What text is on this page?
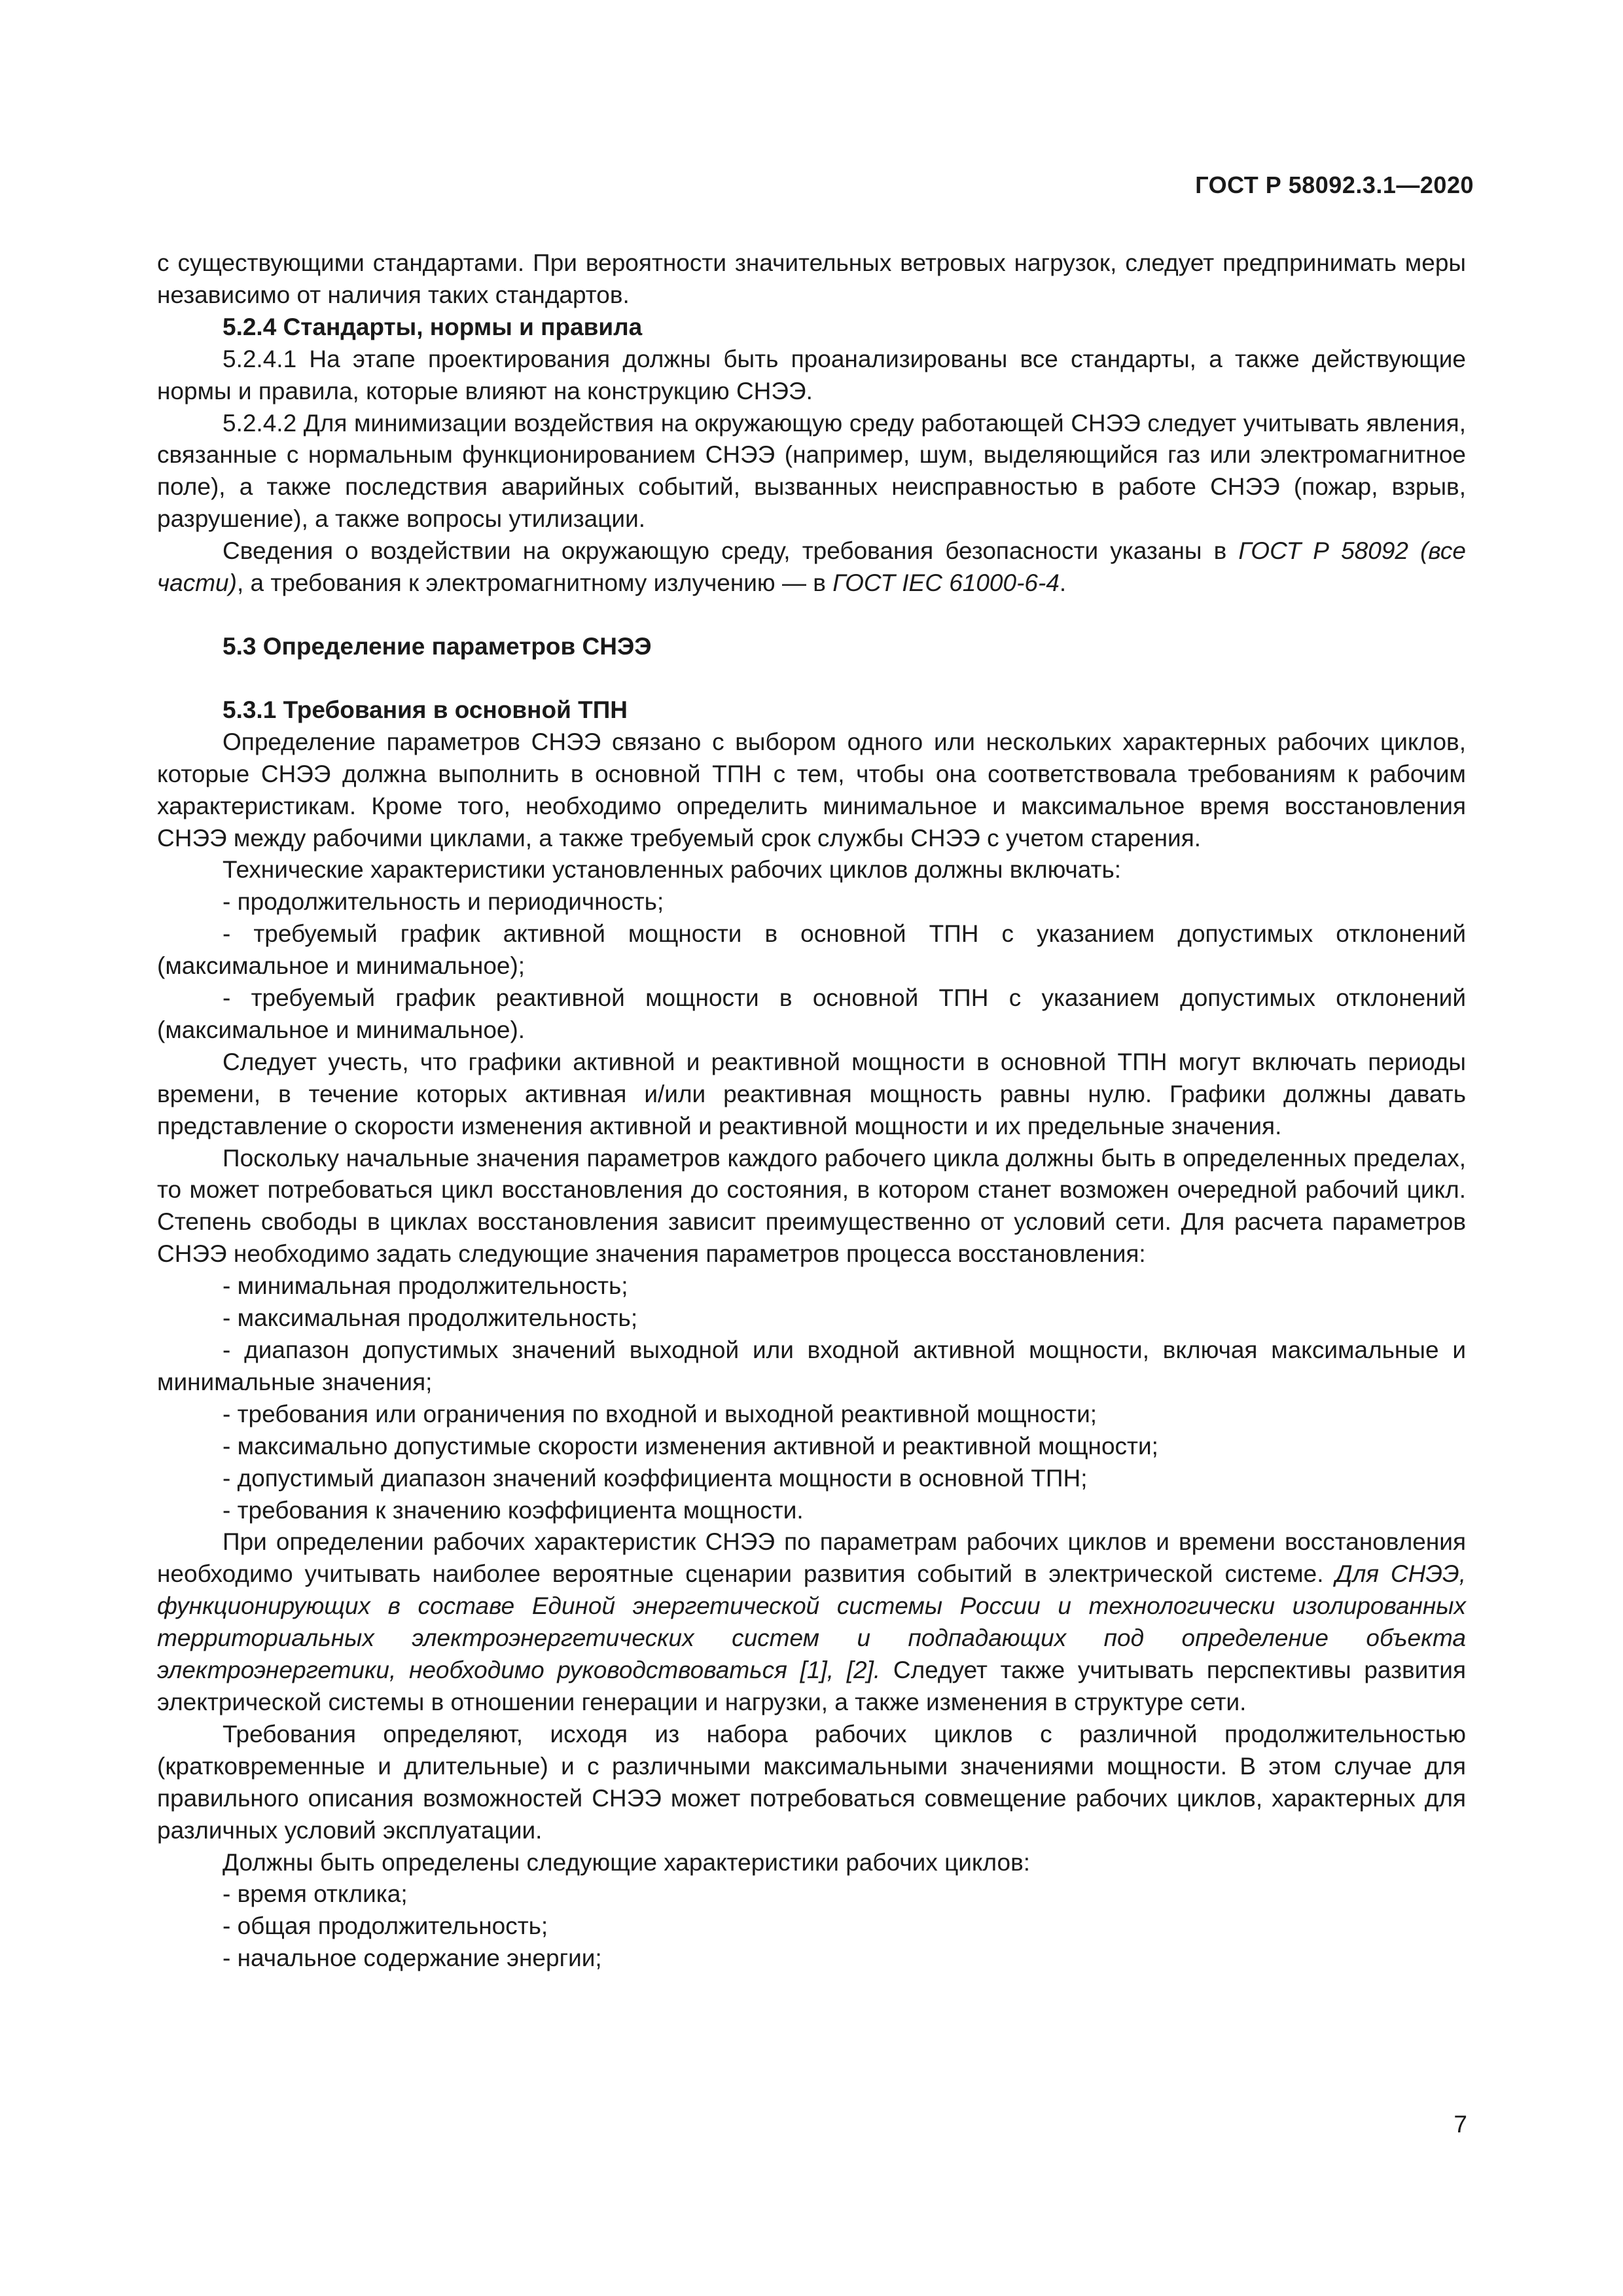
ГОСТ Р 58092.3.1—2020

с существующими стандартами. При вероятности значительных ветровых нагрузок, следует предпринимать меры независимо от наличия таких стандартов.

5.2.4 Стандарты, нормы и правила

5.2.4.1 На этапе проектирования должны быть проанализированы все стандарты, а также действующие нормы и правила, которые влияют на конструкцию СНЭЭ.

5.2.4.2 Для минимизации воздействия на окружающую среду работающей СНЭЭ следует учитывать явления, связанные с нормальным функционированием СНЭЭ (например, шум, выделяющийся газ или электромагнитное поле), а также последствия аварийных событий, вызванных неисправностью в работе СНЭЭ (пожар, взрыв, разрушение), а также вопросы утилизации.

Сведения о воздействии на окружающую среду, требования безопасности указаны в ГОСТ Р 58092 (все части), а требования к электромагнитному излучению — в ГОСТ IEC 61000-6-4.

5.3 Определение параметров СНЭЭ

5.3.1 Требования в основной ТПН

Определение параметров СНЭЭ связано с выбором одного или нескольких характерных рабочих циклов, которые СНЭЭ должна выполнить в основной ТПН с тем, чтобы она соответствовала требованиям к рабочим характеристикам. Кроме того, необходимо определить минимальное и максимальное время восстановления СНЭЭ между рабочими циклами, а также требуемый срок службы СНЭЭ с учетом старения.

Технические характеристики установленных рабочих циклов должны включать:

- продолжительность и периодичность;

- требуемый график активной мощности в основной ТПН с указанием допустимых отклонений (максимальное и минимальное);

- требуемый график реактивной мощности в основной ТПН с указанием допустимых отклонений (максимальное и минимальное).

Следует учесть, что графики активной и реактивной мощности в основной ТПН могут включать периоды времени, в течение которых активная и/или реактивная мощность равны нулю. Графики должны давать представление о скорости изменения активной и реактивной мощности и их предельные значения.

Поскольку начальные значения параметров каждого рабочего цикла должны быть в определенных пределах, то может потребоваться цикл восстановления до состояния, в котором станет возможен очередной рабочий цикл. Степень свободы в циклах восстановления зависит преимущественно от условий сети. Для расчета параметров СНЭЭ необходимо задать следующие значения параметров процесса восстановления:

- минимальная продолжительность;

- максимальная продолжительность;

- диапазон допустимых значений выходной или входной активной мощности, включая максимальные и минимальные значения;

- требования или ограничения по входной и выходной реактивной мощности;

- максимально допустимые скорости изменения активной и реактивной мощности;

- допустимый диапазон значений коэффициента мощности в основной ТПН;

- требования к значению коэффициента мощности.

При определении рабочих характеристик СНЭЭ по параметрам рабочих циклов и времени восстановления необходимо учитывать наиболее вероятные сценарии развития событий в электрической системе. Для СНЭЭ, функционирующих в составе Единой энергетической системы России и технологически изолированных территориальных электроэнергетических систем и подпадающих под определение объекта электроэнергетики, необходимо руководствоваться [1], [2]. Следует также учитывать перспективы развития электрической системы в отношении генерации и нагрузки, а также изменения в структуре сети.

Требования определяют, исходя из набора рабочих циклов с различной продолжительностью (кратковременные и длительные) и с различными максимальными значениями мощности. В этом случае для правильного описания возможностей СНЭЭ может потребоваться совмещение рабочих циклов, характерных для различных условий эксплуатации.

Должны быть определены следующие характеристики рабочих циклов:

- время отклика;

- общая продолжительность;

- начальное содержание энергии;

7
